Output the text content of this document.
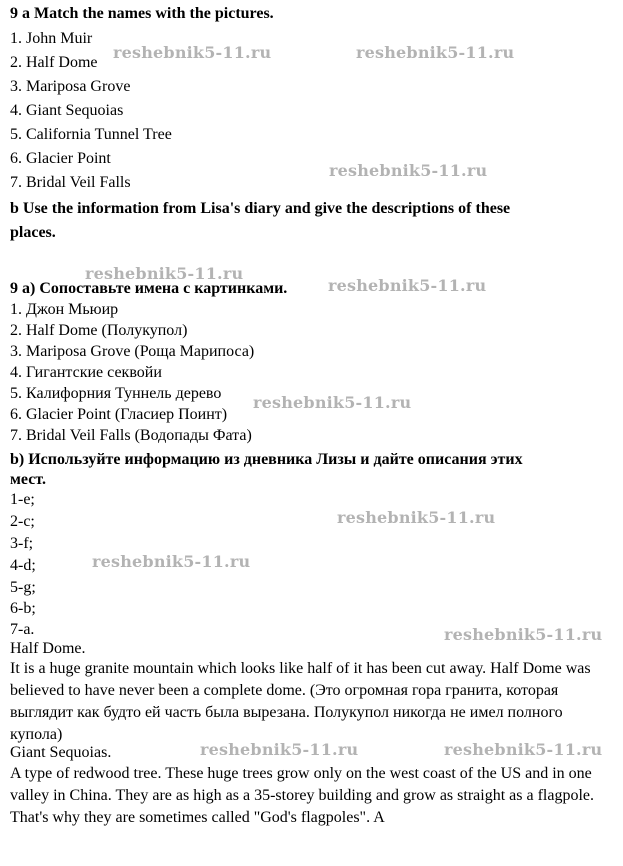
9 a Match the names with the pictures.
1. John Muir
2. Half Dome
3. Mariposa Grove
4. Giant Sequoias
5. California Tunnel Tree
6. Glacier Point
7. Bridal Veil Falls
b Use the information from Lisa's diary and give the descriptions of these
places.
9 а) Сопоставьте имена с картинками.
1. Джон Мьюир
2. Half Dome (Полукупол)
3. Mariposa Grove (Роща Марипоса)
4. Гигантские секвойи
5. Калифорния Туннель дерево
6. Glacier Point (Гласиер Поинт)
7. Bridal Veil Falls (Водопады Фата)
b) Используйте информацию из дневника Лизы и дайте описания этих
мест.
1-e;
2-c;
3-f;
4-d;
5-g;
6-b;
7-a.
Half Dome.
It is a huge granite mountain which looks like half of it has been cut away. Half Dome was believed to have never been a complete dome. (Это огромная гора гранита, которая выглядит как будто ей часть была вырезана. Полукупол никогда не имел полного купола)
Giant Sequoias.
A type of redwood tree. These huge trees grow only on the west coast of the US and in one valley in China. They are as high as a 35-storey building and grow as straight as a flagpole. That's why they are sometimes called "God's flagpoles". A
reshebnik5-11.ru	reshebnik5-11.ru
reshebnik5-11.ru
reshebnik5-11.ru
reshebnik5-11.ru
reshebnik5-11.ru
reshebnik5-11.ru
reshebnik5-11.ru
reshebnik5-11.ru
reshebnik5-11.ru	reshebnik5-11.ru
